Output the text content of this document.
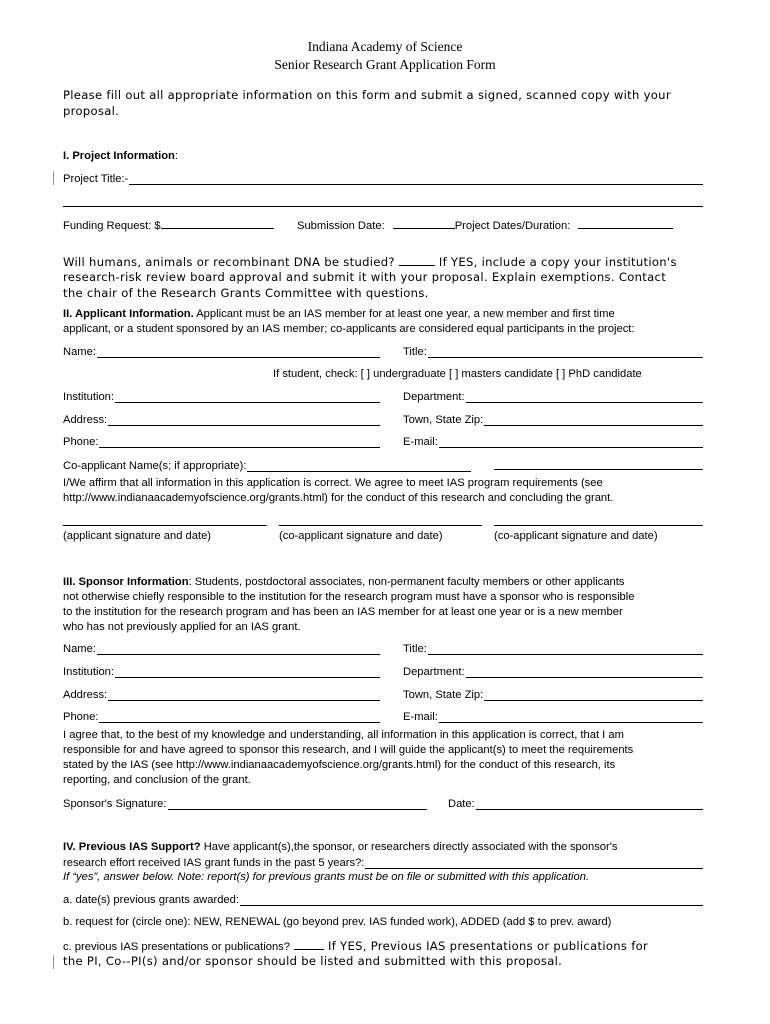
Indiana Academy of Science
Senior Research Grant Application Form
Please fill out all appropriate information on this form and submit a signed, scanned copy with your
proposal.
I. Project Information:
Project Title:-
Funding Request: $	Submission Date:	Project Dates/Duration:
Will humans, animals or recombinant DNA be studied?	If YES, include a copy your institution's
research-risk review board approval and submit it with your proposal. Explain exemptions. Contact
the chair of the Research Grants Committee with questions.
II. Applicant Information. Applicant must be an IAS member for at least one year, a new member and first time
applicant, or a student sponsored by an IAS member; co-applicants are considered equal participants in the project:
Name:	Title:
If student, check: [ ] undergraduate [ ] masters candidate [ ] PhD candidate
Institution:	Department:
Address:	Town, State Zip:
Phone:	E-mail:
Co-applicant Name(s; if appropriate):
I/We affirm that all information in this application is correct. We agree to meet IAS program requirements (see
http://www.indianaacademyofscience.org/grants.html) for the conduct of this research and concluding the grant.
(applicant signature and date)	(co-applicant signature and date)	(co-applicant signature and date)
III. Sponsor Information: Students, postdoctoral associates, non-permanent faculty members or other applicants
not otherwise chiefly responsible to the institution for the research program must have a sponsor who is responsible
to the institution for the research program and has been an IAS member for at least one year or is a new member
who has not previously applied for an IAS grant.
Name:	Title:
Institution:	Department:
Address:	Town, State Zip:
Phone:	E-mail:
I agree that, to the best of my knowledge and understanding, all information in this application is correct, that I am
responsible for and have agreed to sponsor this research, and I will guide the applicant(s) to meet the requirements
stated by the IAS (see http://www.indianaacademyofscience.org/grants.html) for the conduct of this research, its
reporting, and conclusion of the grant.
Sponsor's Signature:	Date:
IV. Previous IAS Support? Have applicant(s),the sponsor, or researchers directly associated with the sponsor's
research effort received IAS grant funds in the past 5 years?:
If “yes”, answer below. Note: report(s) for previous grants must be on file or submitted with this application.
a. date(s) previous grants awarded:
b. request for (circle one): NEW, RENEWAL (go beyond prev. IAS funded work), ADDED (add $ to prev. award)
c. previous IAS presentations or publications?	If YES, Previous IAS presentations or publications for
the PI, Co--PI(s) and/or sponsor should be listed and submitted with this proposal.
